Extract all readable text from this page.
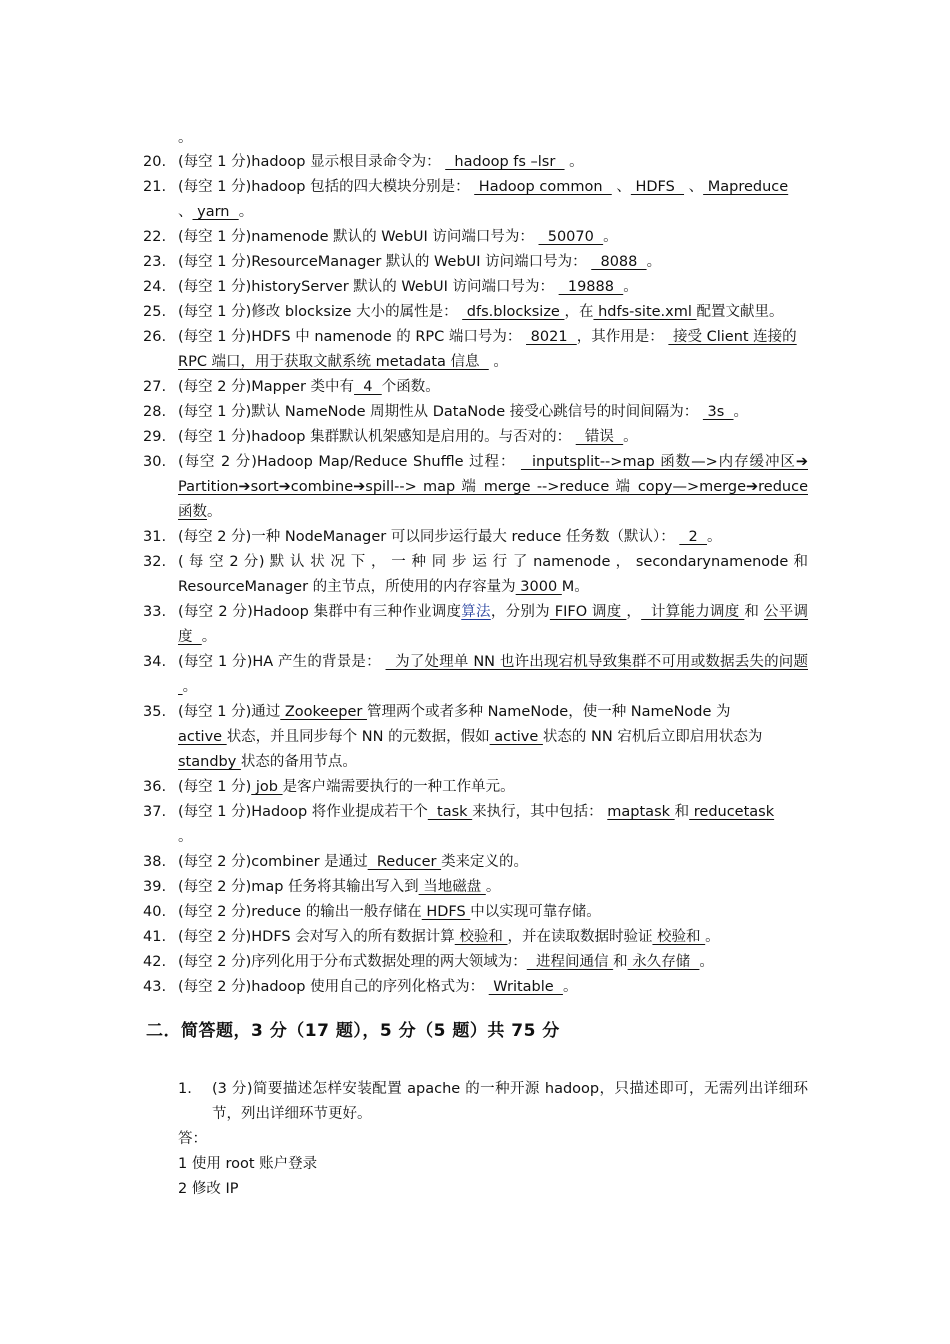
。
20. (每空 1 分)hadoop 显示根目录命令为：   hadoop fs –lsr   。
21. (每空 1 分)hadoop 包括的四大模块分别是：  Hadoop common   、 HDFS   、 Mapreduce
、 yarn  。
22. (每空 1 分)namenode 默认的 WebUI 访问端口号为：   50070  。
23. (每空 1 分)ResourceManager 默认的 WebUI 访问端口号为：   8088  。
24. (每空 1 分)historyServer 默认的 WebUI 访问端口号为：   19888  。
25. (每空 1 分)修改 blocksize 大小的属性是：  dfs.blocksize ，在 hdfs-site.xml 配置文献里。
26. (每空 1 分)HDFS 中 namenode 的 RPC 端口号为：  8021  ，其作用是：  接受 Client 连接的
RPC 端口，用于获取文献系统 metadata 信息   。
27. (每空 2 分)Mapper 类中有  4  个函数。
28. (每空 1 分)默认 NameNode 周期性从 DataNode 接受心跳信号的时间间隔为：  3s  。
29. (每空 1 分)hadoop 集群默认机架感知是启用的。与否对的：   错误  。
30. (每空 2 分)Hadoop Map/Reduce Shuffle 过程：   inputsplit-->map 函数—>内存缓冲区➔ Partition➔sort➔combine➔spill--> map 端 merge -->reduce 端 copy—>merge➔reduce 函数。
31. (每空 2 分)一种 NodeManager 可以同步运行最大 reduce 任务数（默认）：   2  。
32. ( 每 空 2 分) 默 认 状 况 下 ， 一 种 同 步 运 行 了 namenode ， secondarynamenode 和 ResourceManager 的主节点，所使用的内存容量为 3000 M。
33. (每空 2 分)Hadoop 集群中有三种作业调度算法，分别为 FIFO 调度 ，  计算能力调度 和 公平调度  。
34. (每空 1 分)HA 产生的背景是：   为了处理单 NN 也许出现宕机导致集群不可用或数据丢失的问题  。
35. (每空 1 分)通过 Zookeeper 管理两个或者多种 NameNode，使一种 NameNode 为
active 状态，并且同步每个 NN 的元数据，假如 active 状态的 NN 宕机后立即启用状态为 standby 状态的备用节点。
36. (每空 1 分) job 是客户端需要执行的一种工作单元。
37. (每空 1 分)Hadoop 将作业提成若干个  task 来执行，其中包括： maptask 和 reducetask
。
38. (每空 2 分)combiner 是通过  Reducer 类来定义的。
39. (每空 2 分)map 任务将其输出写入到 当地磁盘 。
40. (每空 2 分)reduce 的输出一般存储在 HDFS 中以实现可靠存储。
41. (每空 2 分)HDFS 会对写入的所有数据计算 校验和 ，并在读取数据时验证 校验和 。
42. (每空 2 分)序列化用于分布式数据处理的两大领域为：  进程间通信 和 永久存储  。
43. (每空 2 分)hadoop 使用自己的序列化格式为：  Writable  。
二．简答题，3 分（17 题），5 分（5 题）共 75 分
1. (3 分)简要描述怎样安装配置 apache 的一种开源 hadoop，只描述即可，无需列出详细环节，列出详细环节更好。
答：
1 使用 root 账户登录
2 修改 IP
